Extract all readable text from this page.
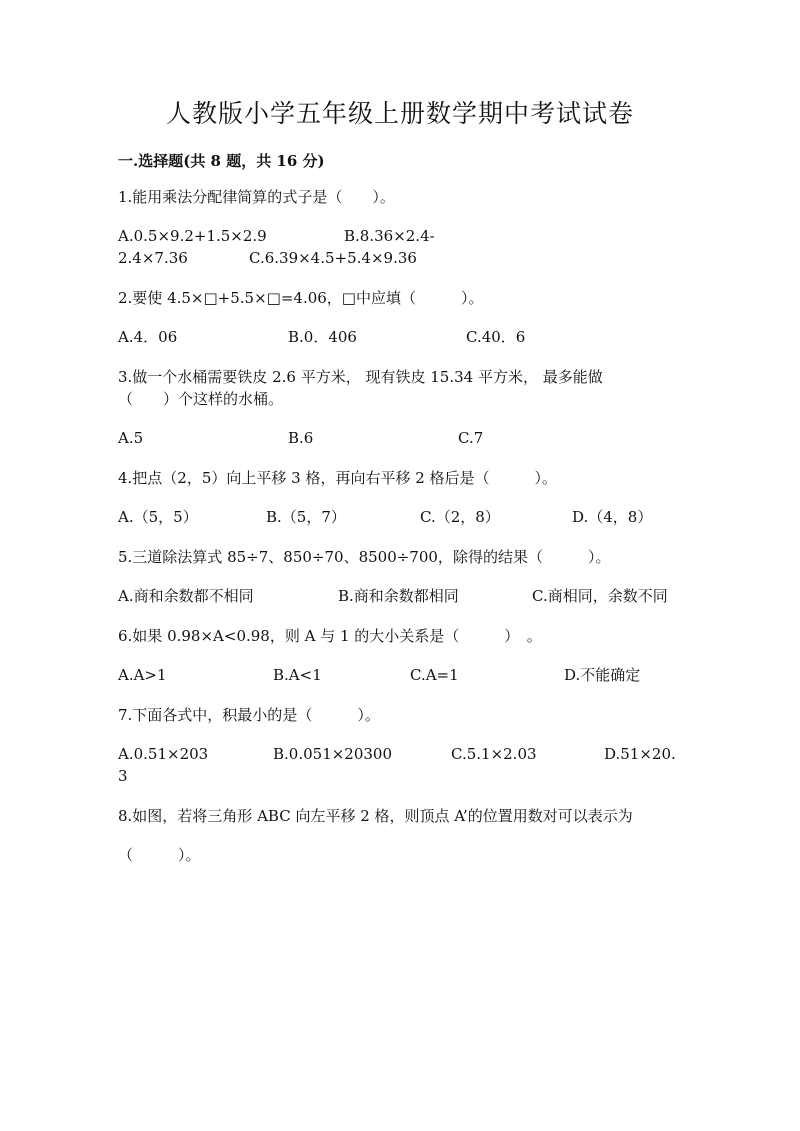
人教版小学五年级上册数学期中考试试卷
一.选择题(共 8 题，共 16 分)
1.能用乘法分配律简算的式子是（　　）。
A.0.5×9.2+1.5×2.9	B.8.36×2.4-
2.4×7.36	C.6.39×4.5+5.4×9.36
2.要使 4.5×□+5.5×□=4.06，□中应填（　　　）。
A.4．06	B.0．406	C.40．6
3.做一个水桶需要铁皮 2.6 平方米， 现有铁皮 15.34 平方米， 最多能做
（　　）个这样的水桶。
A.5	B.6	C.7
4.把点（2，5）向上平移 3 格，再向右平移 2 格后是（　　　）。
A.（5，5）	B.（5，7）	C.（2，8）	D.（4，8）
5.三道除法算式 85÷7、850÷70、8500÷700，除得的结果（　　　）。
A.商和余数都不相同	B.商和余数都相同	C.商相同，余数不同
6.如果 0.98×A<0.98，则 A 与 1 的大小关系是（　　　）　。
A.A>1	B.A<1	C.A=1	D.不能确定
7.下面各式中，积最小的是（　　　）。
A.0.51×203	B.0.051×20300	C.5.1×2.03	D.51×20.
3
8.如图，若将三角形 ABC 向左平移 2 格，则顶点 A’的位置用数对可以表示为
（　　　）。
